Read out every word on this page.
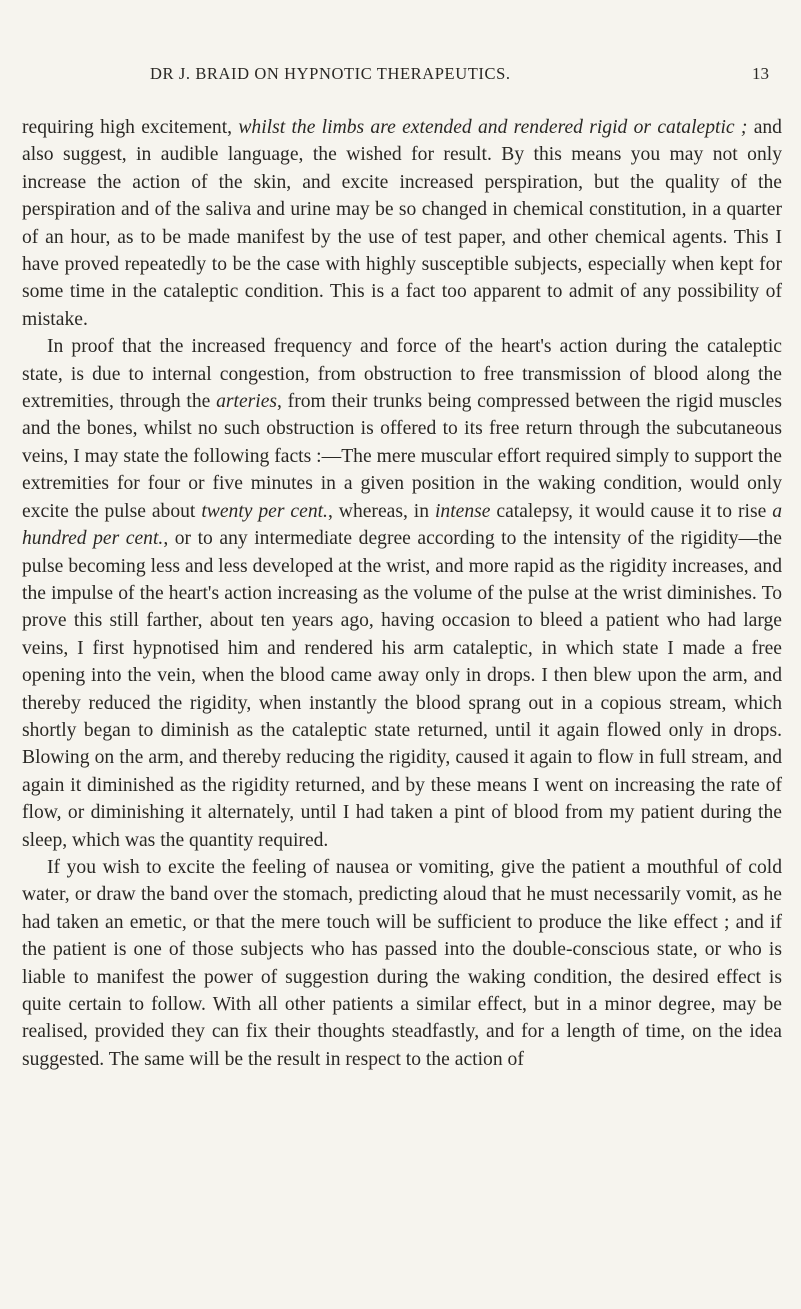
DR J. BRAID ON HYPNOTIC THERAPEUTICS.	13

requiring high excitement, whilst the limbs are extended and rendered rigid or cataleptic ; and also suggest, in audible language, the wished for result. By this means you may not only increase the action of the skin, and excite increased perspiration, but the quality of the perspiration and of the saliva and urine may be so changed in chemical constitution, in a quarter of an hour, as to be made manifest by the use of test paper, and other chemical agents. This I have proved repeatedly to be the case with highly susceptible subjects, especially when kept for some time in the cataleptic condition. This is a fact too apparent to admit of any possibility of mistake.

In proof that the increased frequency and force of the heart's action during the cataleptic state, is due to internal congestion, from obstruction to free transmission of blood along the extremities, through the arteries, from their trunks being compressed between the rigid muscles and the bones, whilst no such obstruction is offered to its free return through the subcutaneous veins, I may state the following facts :—The mere muscular effort required simply to support the extremities for four or five minutes in a given position in the waking condition, would only excite the pulse about twenty per cent., whereas, in intense catalepsy, it would cause it to rise a hundred per cent., or to any intermediate degree according to the intensity of the rigidity—the pulse becoming less and less developed at the wrist, and more rapid as the rigidity increases, and the impulse of the heart's action increasing as the volume of the pulse at the wrist diminishes. To prove this still farther, about ten years ago, having occasion to bleed a patient who had large veins, I first hypnotised him and rendered his arm cataleptic, in which state I made a free opening into the vein, when the blood came away only in drops. I then blew upon the arm, and thereby reduced the rigidity, when instantly the blood sprang out in a copious stream, which shortly began to diminish as the cataleptic state returned, until it again flowed only in drops. Blowing on the arm, and thereby reducing the rigidity, caused it again to flow in full stream, and again it diminished as the rigidity returned, and by these means I went on increasing the rate of flow, or diminishing it alternately, until I had taken a pint of blood from my patient during the sleep, which was the quantity required.

If you wish to excite the feeling of nausea or vomiting, give the patient a mouthful of cold water, or draw the band over the stomach, predicting aloud that he must necessarily vomit, as he had taken an emetic, or that the mere touch will be sufficient to produce the like effect ; and if the patient is one of those subjects who has passed into the double-conscious state, or who is liable to manifest the power of suggestion during the waking condition, the desired effect is quite certain to follow. With all other patients a similar effect, but in a minor degree, may be realised, provided they can fix their thoughts steadfastly, and for a length of time, on the idea suggested. The same will be the result in respect to the action of
